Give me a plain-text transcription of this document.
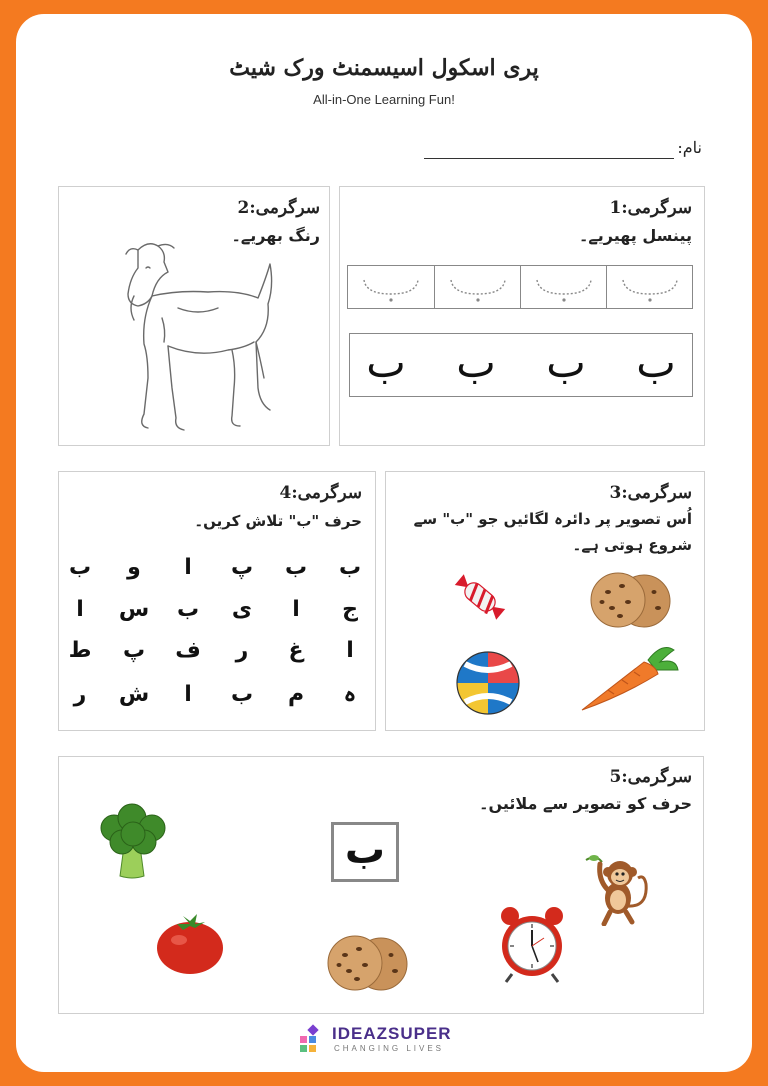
پری اسکول اسیسمنٹ ورک شیٹ
All-in-One Learning Fun!
نام:
سرگرمی:1
پینسل پھیریے۔
ب ب ب ب
سرگرمی:2
رنگ بھریے۔
سرگرمی:3
اُس تصویر پر دائرہ لگائیں جو "ب" سے
شروع ہوتی ہے۔
سرگرمی:4
حرف "ب" تلاش کریں۔
ب
ب
پ
ا
و
ب
ج
ا
ی
ب
س
ا
ا
غ
ر
ف
پ
ط
ہ
م
ب
ا
ش
ر
سرگرمی:5
حرف کو تصویر سے ملائیں۔
ب
IDEAZSUPER
CHANGING LIVES
